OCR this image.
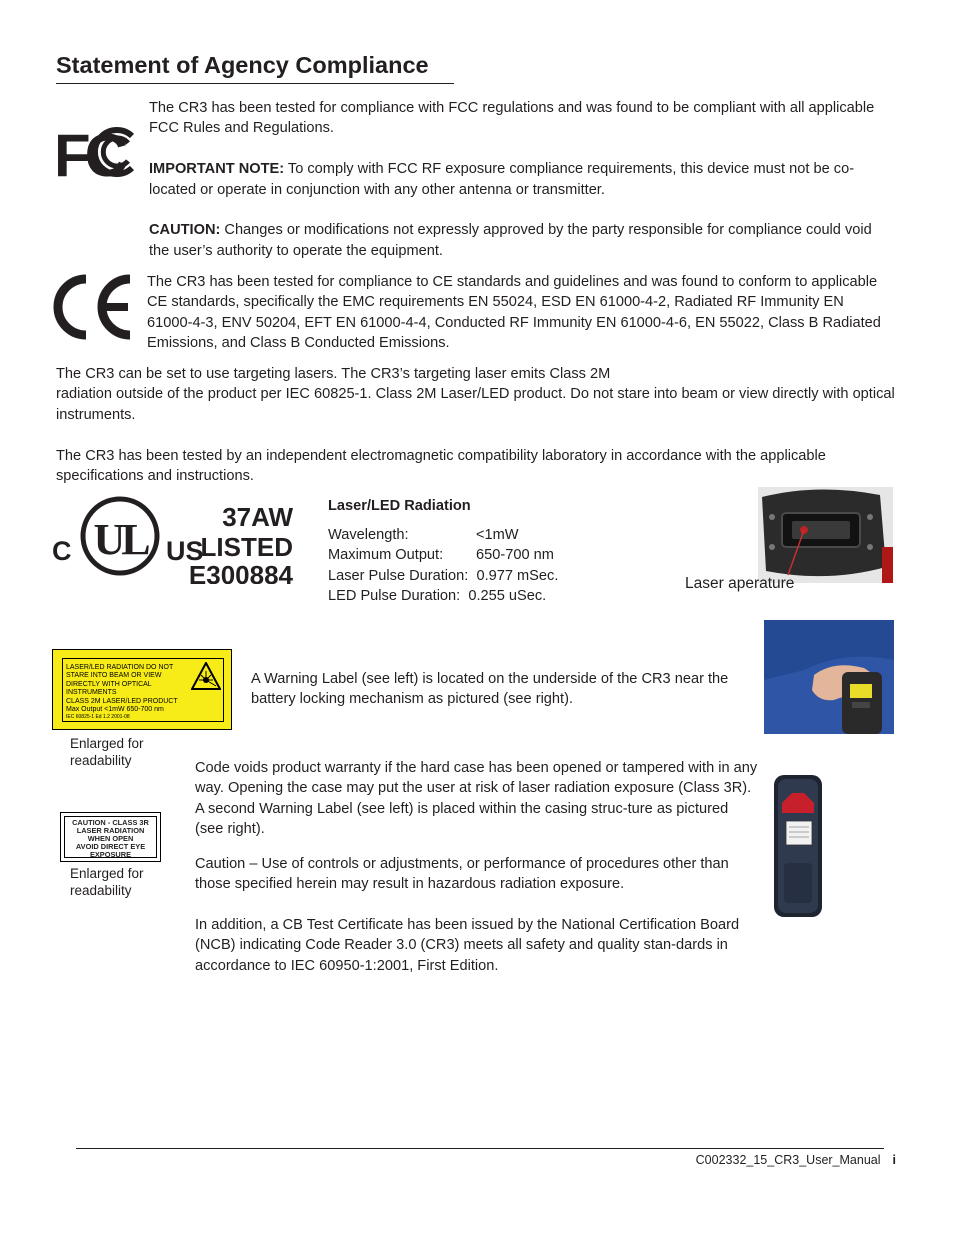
Statement of Agency Compliance
FC

The CR3 has been tested for compliance with FCC regulations and was found to be compliant with all applicable FCC Rules and Regulations.

IMPORTANT NOTE: To comply with FCC RF exposure compliance requirements, this device must not be co-located or operate in conjunction with any other antenna or transmitter.

CAUTION: Changes or modifications not expressly approved by the party responsible for compliance could void the user’s authority to operate the equipment.

CE

The CR3 has been tested for compliance to CE standards and guidelines and was found to conform to applicable CE standards, specifically the EMC requirements EN 55024, ESD EN 61000-4-2, Radiated RF Immunity EN 61000-4-3, ENV 50204, EFT EN 61000-4-4, Conducted RF Immunity EN 61000-4-6, EN 55022, Class B Radiated Emissions, and Class B Conducted Emissions.

The CR3 can be set to use targeting lasers. The CR3’s targeting laser emits Class 2M

radiation outside of the product per IEC 60825-1. Class 2M Laser/LED product. Do not stare into beam or view directly with optical instruments.

The CR3 has been tested by an independent electromagnetic compatibility laboratory in accordance with the applicable specifications and instructions.

C UL US
37AW
LISTED
E300884
Laser/LED Radiation
Wavelength:	<1mW
Maximum Output: 650-700 nm
Laser Pulse Duration: 0.977 mSec.
LED Pulse Duration: 0.255 uSec.
Laser aperature
LASER/LED RADIATION DO NOT
STARE INTO BEAM OR VIEW
DIRECTLY WITH OPTICAL
INSTRUMENTS
CLASS 2M LASER/LED PRODUCT
Max Output <1mW 650-700 nm
IEC 60825-1 Ed 1.2 2001-08
Enlarged for readability

A Warning Label (see left) is located on the underside of the CR3 near the battery locking mechanism as pictured (see right).

CAUTION - CLASS 3R
LASER RADIATION
WHEN OPEN
AVOID DIRECT EYE
EXPOSURE
Enlarged for readability

Code voids product warranty if the hard case has been opened or tampered with in any way. Opening the case may put the user at risk of laser radiation exposure (Class 3R). A second Warning Label (see left) is placed within the casing struc-ture as pictured (see right).

Caution – Use of controls or adjustments, or performance of procedures other than those specified herein may result in hazardous radiation exposure.

In addition, a CB Test Certificate has been issued by the National Certification Board (NCB) indicating Code Reader 3.0 (CR3) meets all safety and quality stan-dards in accordance to IEC 60950-1:2001, First Edition.

C002332_15_CR3_User_Manual i
